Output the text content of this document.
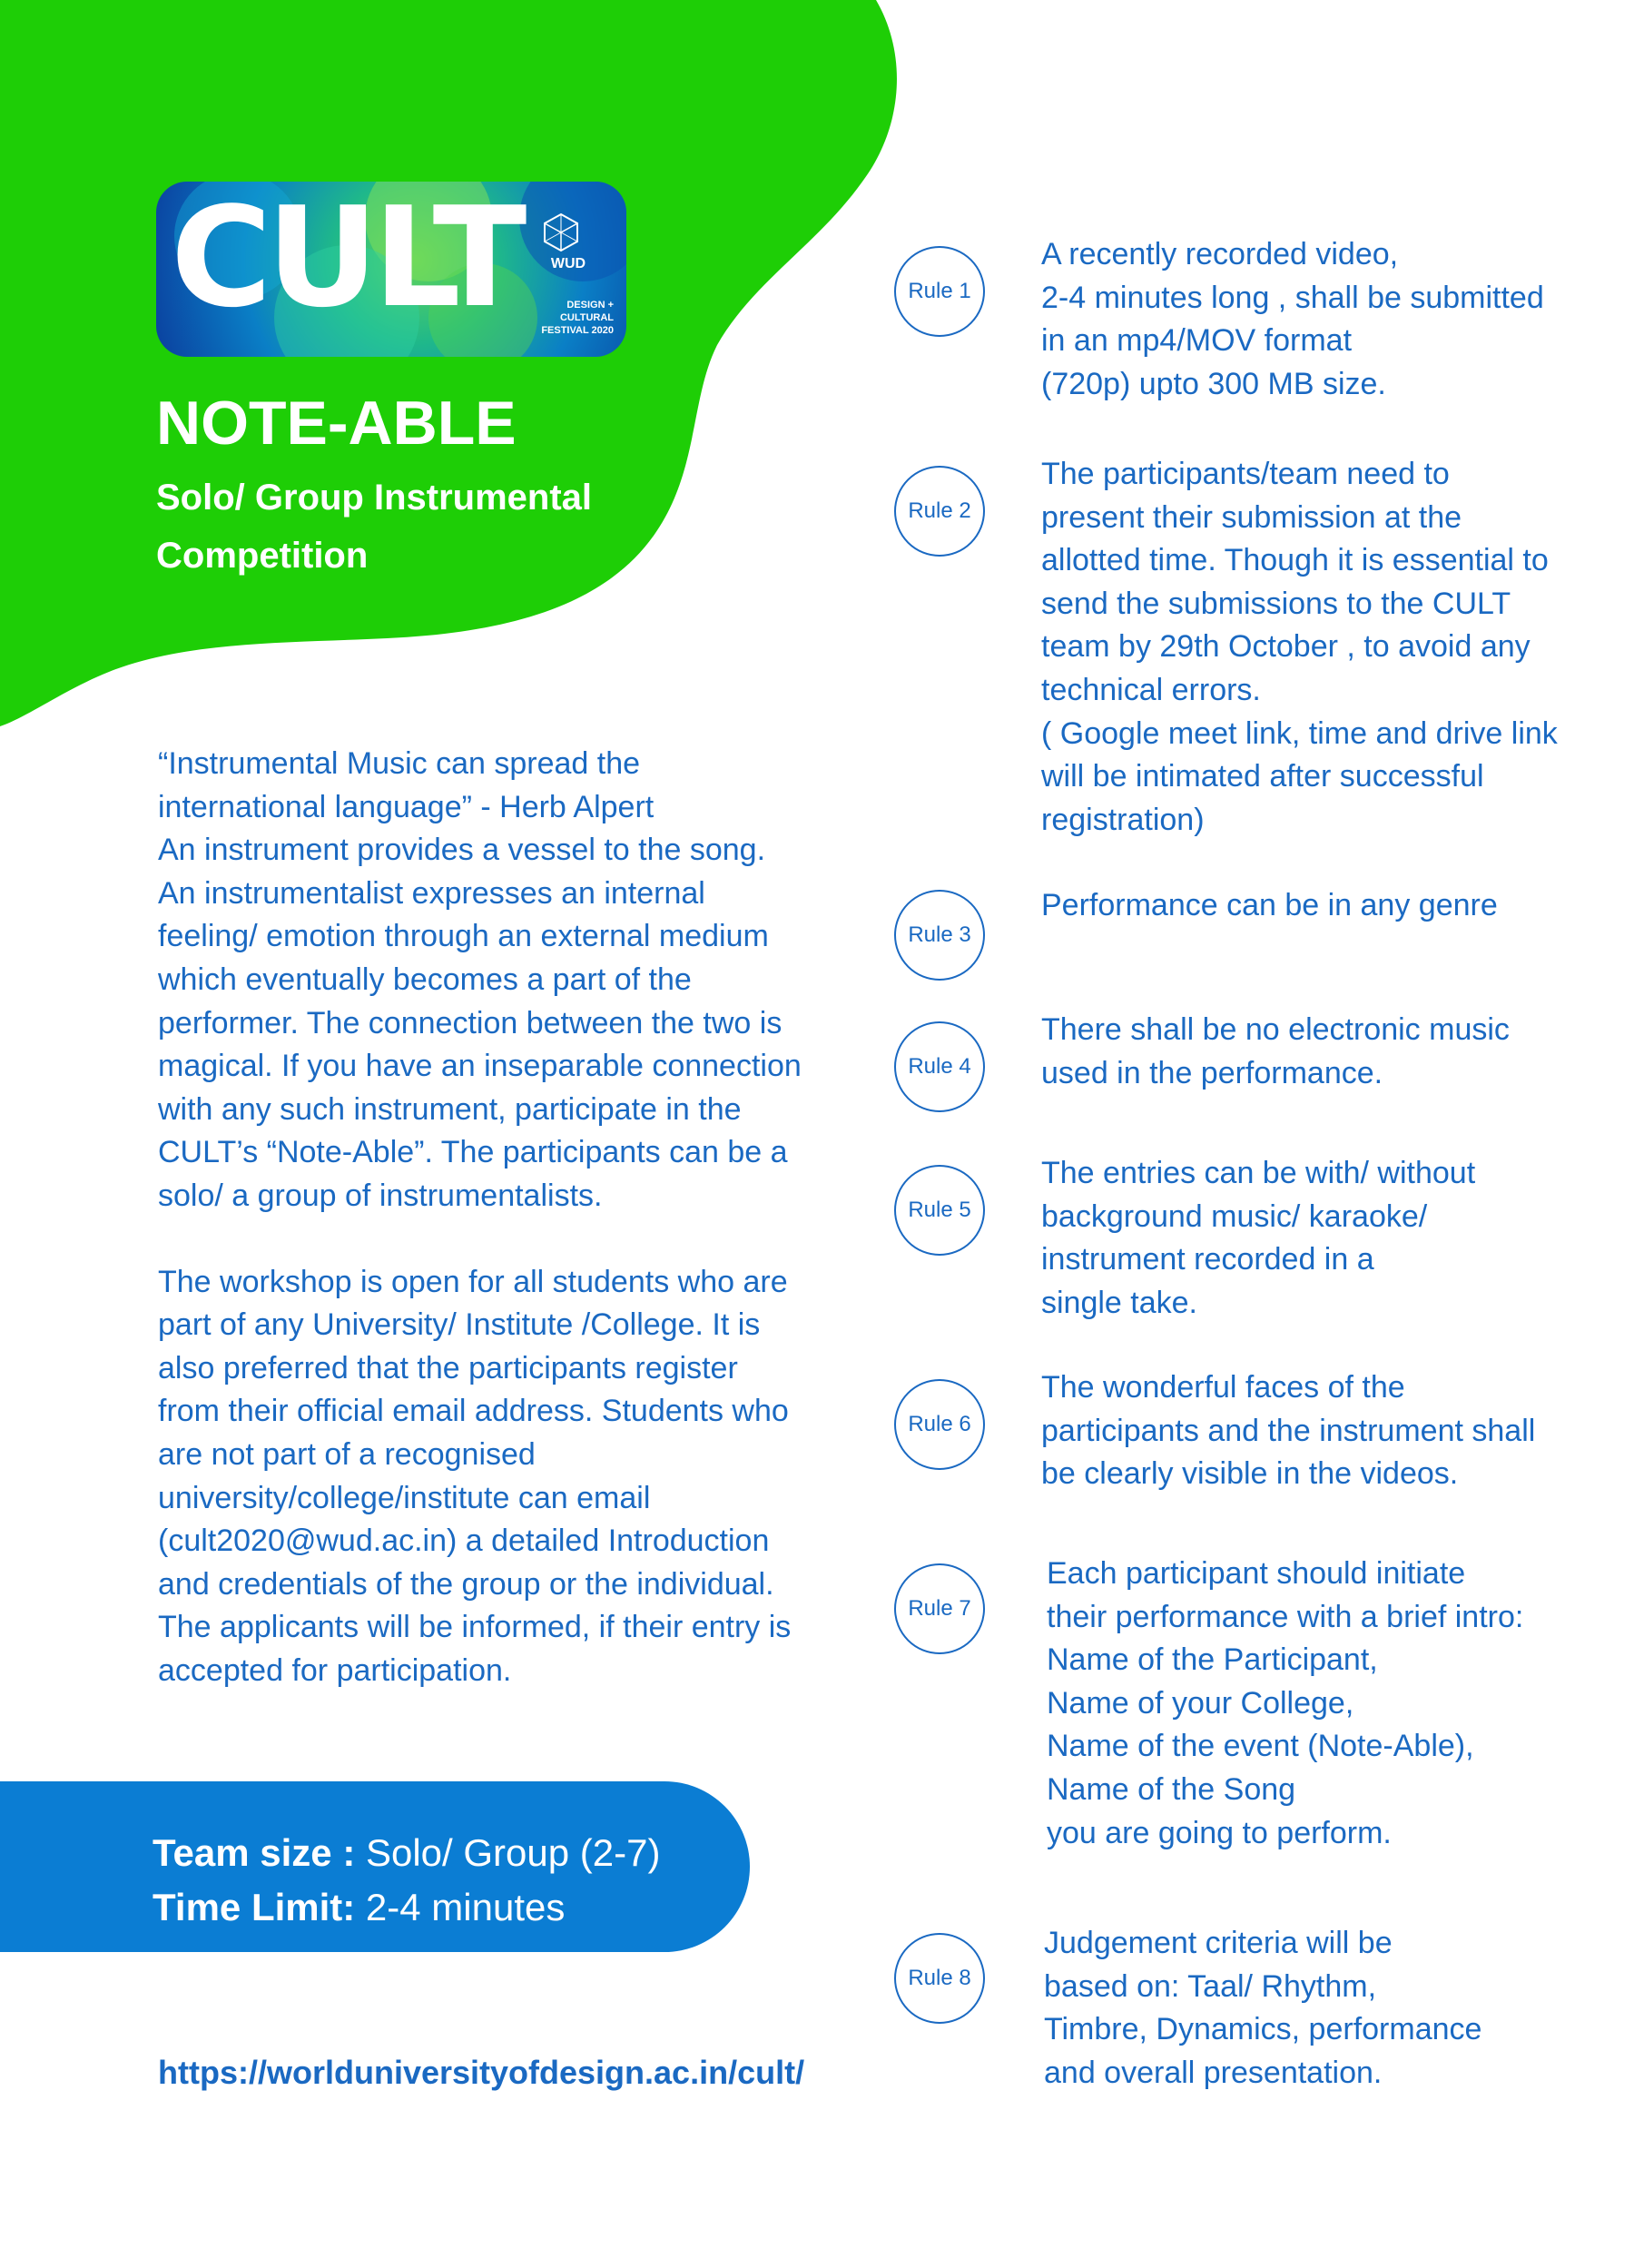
CULT	WUD
DESIGN + CULTURAL
FESTIVAL 2020
NOTE-ABLE
Solo/ Group Instrumental Competition

“Instrumental Music can spread the
international language” - Herb Alpert
An instrument provides a vessel to the song.
An instrumentalist expresses an internal
feeling/ emotion through an external medium
which eventually becomes a part of the
performer. The connection between the two is
magical. If you have an inseparable connection
with any such instrument, participate in the
CULT’s “Note-Able”. The participants can be a
solo/ a group of instrumentalists.

The workshop is open for all students who are
part of any University/ Institute /College. It is
also preferred that the participants register
from their official email address. Students who
are not part of a recognised
university/college/institute can email
(cult2020@wud.ac.in) a detailed Introduction
and credentials of the group or the individual.
The applicants will be informed, if their entry is
accepted for participation.

Team size : Solo/ Group (2-7)
Time Limit: 2-4 minutes
https://worlduniversityofdesign.ac.in/cult/
Rule 1
A recently recorded video,
2-4 minutes long , shall be submitted
in an mp4/MOV format
(720p) upto 300 MB size.
Rule 2
The participants/team need to
present their submission at the
allotted time. Though it is essential to
send the submissions to the CULT
team by 29th October , to avoid any
technical errors.
( Google meet link, time and drive link
will be intimated after successful
registration)
Rule 3
Performance can be in any genre
Rule 4
There shall be no electronic music
used in the performance.
Rule 5
The entries can be with/ without
background music/ karaoke/
instrument recorded in a
single take.
Rule 6
The wonderful faces of the
participants and the instrument shall
be clearly visible in the videos.
Rule 7
Each participant should initiate
their performance with a brief intro:
Name of the Participant,
Name of your College,
Name of the event (Note-Able),
Name of the Song
you are going to perform.
Rule 8
Judgement criteria will be
based on: Taal/ Rhythm,
Timbre, Dynamics, performance
and overall presentation.
